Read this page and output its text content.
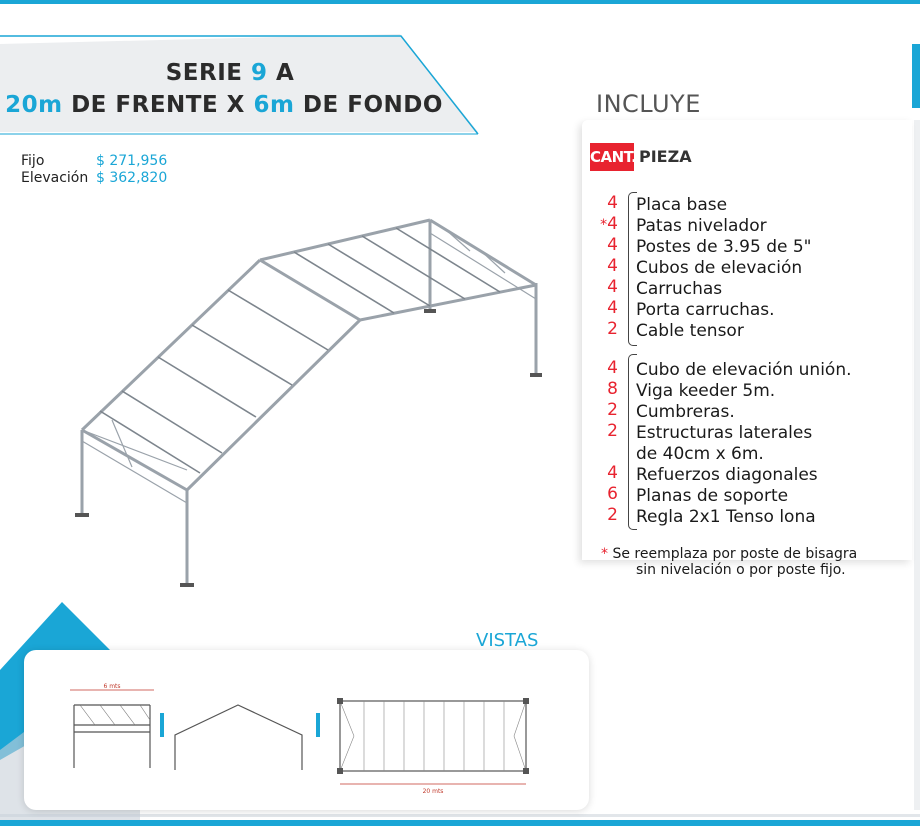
SERIE 9 A
20m DE FRENTE X 6m DE FONDO
Fijo	$ 271,956
Elevación $ 362,820
INCLUYE
CANT. PIEZA
4 Placa base
*4 Patas nivelador
4 Postes de 3.95 de 5"
4 Cubos de elevación
4 Carruchas
4 Porta carruchas.
2 Cable tensor
4 Cubo de elevación unión.
8 Viga keeder 5m.
2 Cumbreras.
2 Estructuras laterales
de 40cm x 6m.
4 Refuerzos diagonales
6 Planas de soporte
2 Regla 2x1 Tenso lona
* Se reemplaza por poste de bisagra
sin nivelación o por poste fijo.
VISTAS
6 mts
20 mts
